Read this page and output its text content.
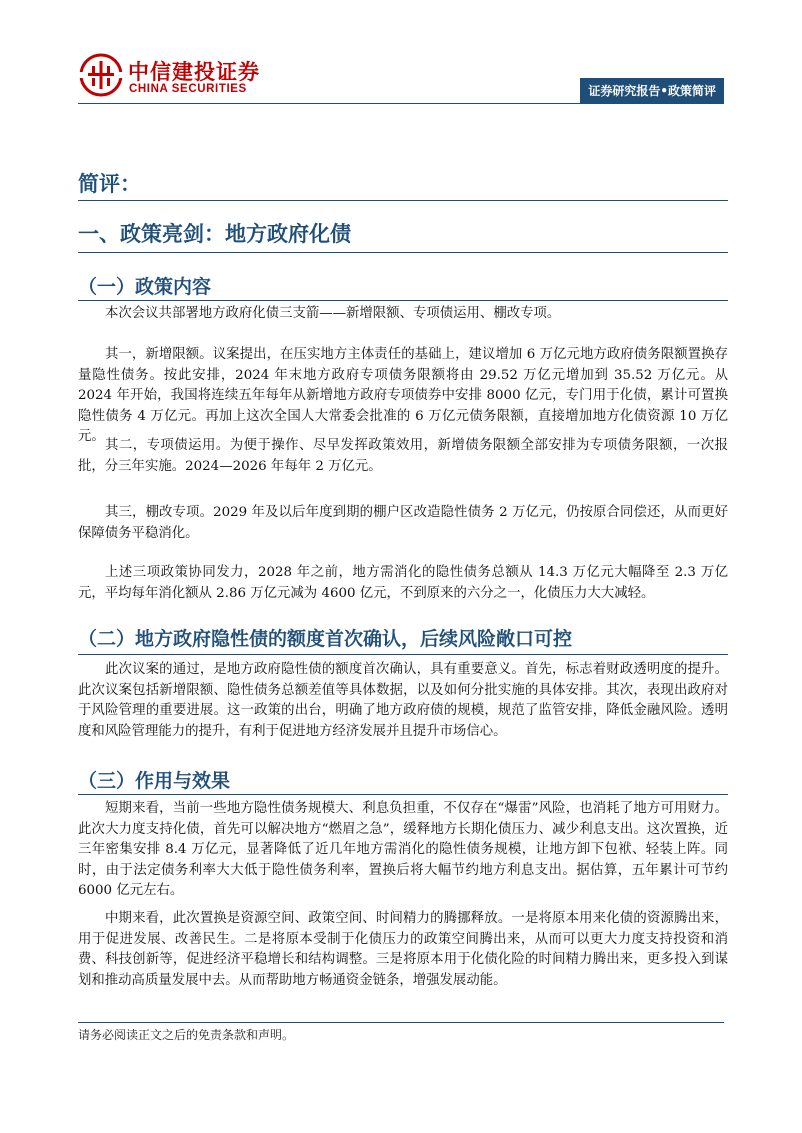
中信建投证券
CHINA SECURITIES	证券研究报告•政策简评
简评：
一、政策亮剑：地方政府化债
（一）政策内容

本次会议共部署地方政府化债三支箭——新增限额、专项债运用、棚改专项。

其一，新增限额。议案提出，在压实地方主体责任的基础上，建议增加 6 万亿元地方政府债务限额置换存量隐性债务。按此安排，2024 年末地方政府专项债务限额将由 29.52 万亿元增加到 35.52 万亿元。从 2024 年开始，我国将连续五年每年从新增地方政府专项债券中安排 8000 亿元，专门用于化债，累计可置换隐性债务 4 万亿元。再加上这次全国人大常委会批准的 6 万亿元债务限额，直接增加地方化债资源 10 万亿元。

其二，专项债运用。为便于操作、尽早发挥政策效用，新增债务限额全部安排为专项债务限额，一次报批，分三年实施。2024—2026 年每年 2 万亿元。

其三，棚改专项。2029 年及以后年度到期的棚户区改造隐性债务 2 万亿元，仍按原合同偿还，从而更好保障债务平稳消化。

上述三项政策协同发力，2028 年之前，地方需消化的隐性债务总额从 14.3 万亿元大幅降至 2.3 万亿元，平均每年消化额从 2.86 万亿元减为 4600 亿元，不到原来的六分之一，化债压力大大减轻。

（二）地方政府隐性债的额度首次确认，后续风险敞口可控

此次议案的通过，是地方政府隐性债的额度首次确认，具有重要意义。首先，标志着财政透明度的提升。此次议案包括新增限额、隐性债务总额差值等具体数据，以及如何分批实施的具体安排。其次，表现出政府对于风险管理的重要进展。这一政策的出台，明确了地方政府债的规模，规范了监管安排，降低金融风险。透明度和风险管理能力的提升，有利于促进地方经济发展并且提升市场信心。

（三）作用与效果

短期来看，当前一些地方隐性债务规模大、利息负担重，不仅存在“爆雷”风险，也消耗了地方可用财力。此次大力度支持化债，首先可以解决地方“燃眉之急”，缓释地方长期化债压力、减少利息支出。这次置换，近三年密集安排 8.4 万亿元，显著降低了近几年地方需消化的隐性债务规模，让地方卸下包袱、轻装上阵。同时，由于法定债务利率大大低于隐性债务利率，置换后将大幅节约地方利息支出。据估算，五年累计可节约 6000 亿元左右。

中期来看，此次置换是资源空间、政策空间、时间精力的腾挪释放。一是将原本用来化债的资源腾出来，用于促进发展、改善民生。二是将原本受制于化债压力的政策空间腾出来，从而可以更大力度支持投资和消费、科技创新等，促进经济平稳增长和结构调整。三是将原本用于化债化险的时间精力腾出来，更多投入到谋划和推动高质量发展中去。从而帮助地方畅通资金链条，增强发展动能。

请务必阅读正文之后的免责条款和声明。
